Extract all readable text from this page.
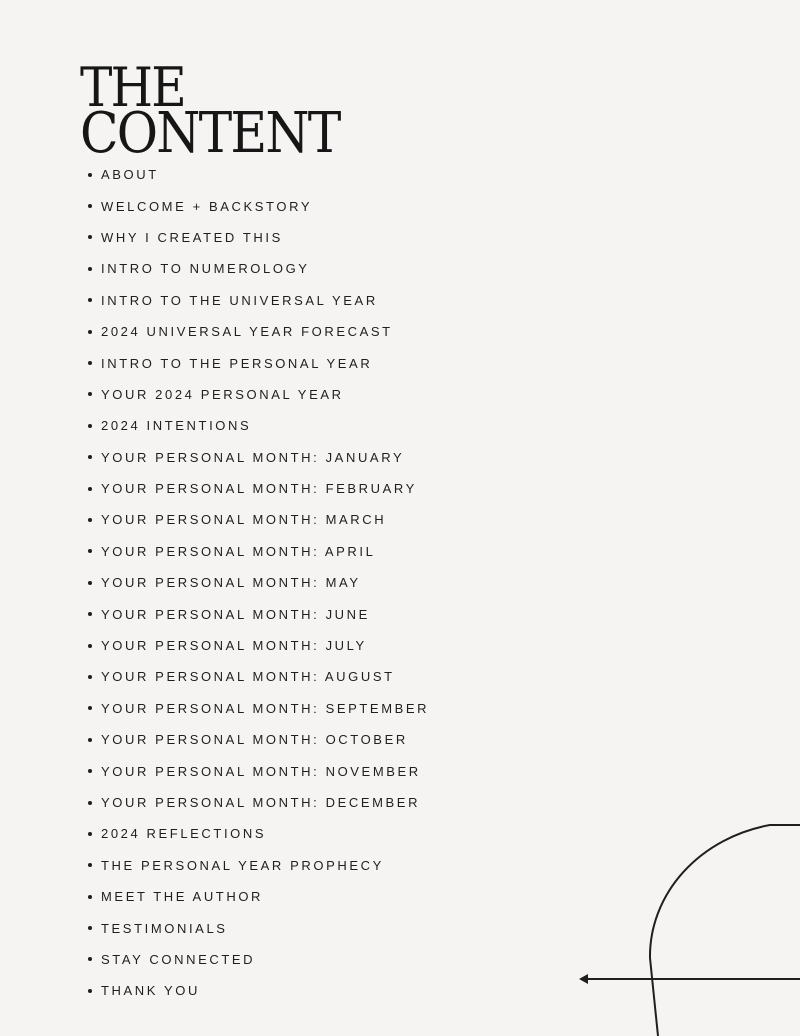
THE
CONTENT
ABOUT
WELCOME + BACKSTORY
WHY I CREATED THIS
INTRO TO NUMEROLOGY
INTRO TO THE UNIVERSAL YEAR
2024 UNIVERSAL YEAR FORECAST
INTRO TO THE PERSONAL YEAR
YOUR 2024 PERSONAL YEAR
2024 INTENTIONS
YOUR PERSONAL MONTH: JANUARY
YOUR PERSONAL MONTH: FEBRUARY
YOUR PERSONAL MONTH: MARCH
YOUR PERSONAL MONTH: APRIL
YOUR PERSONAL MONTH: MAY
YOUR PERSONAL MONTH: JUNE
YOUR PERSONAL MONTH: JULY
YOUR PERSONAL MONTH: AUGUST
YOUR PERSONAL MONTH: SEPTEMBER
YOUR PERSONAL MONTH: OCTOBER
YOUR PERSONAL MONTH: NOVEMBER
YOUR PERSONAL MONTH: DECEMBER
2024 REFLECTIONS
THE PERSONAL YEAR PROPHECY
MEET THE AUTHOR
TESTIMONIALS
STAY CONNECTED
THANK YOU
